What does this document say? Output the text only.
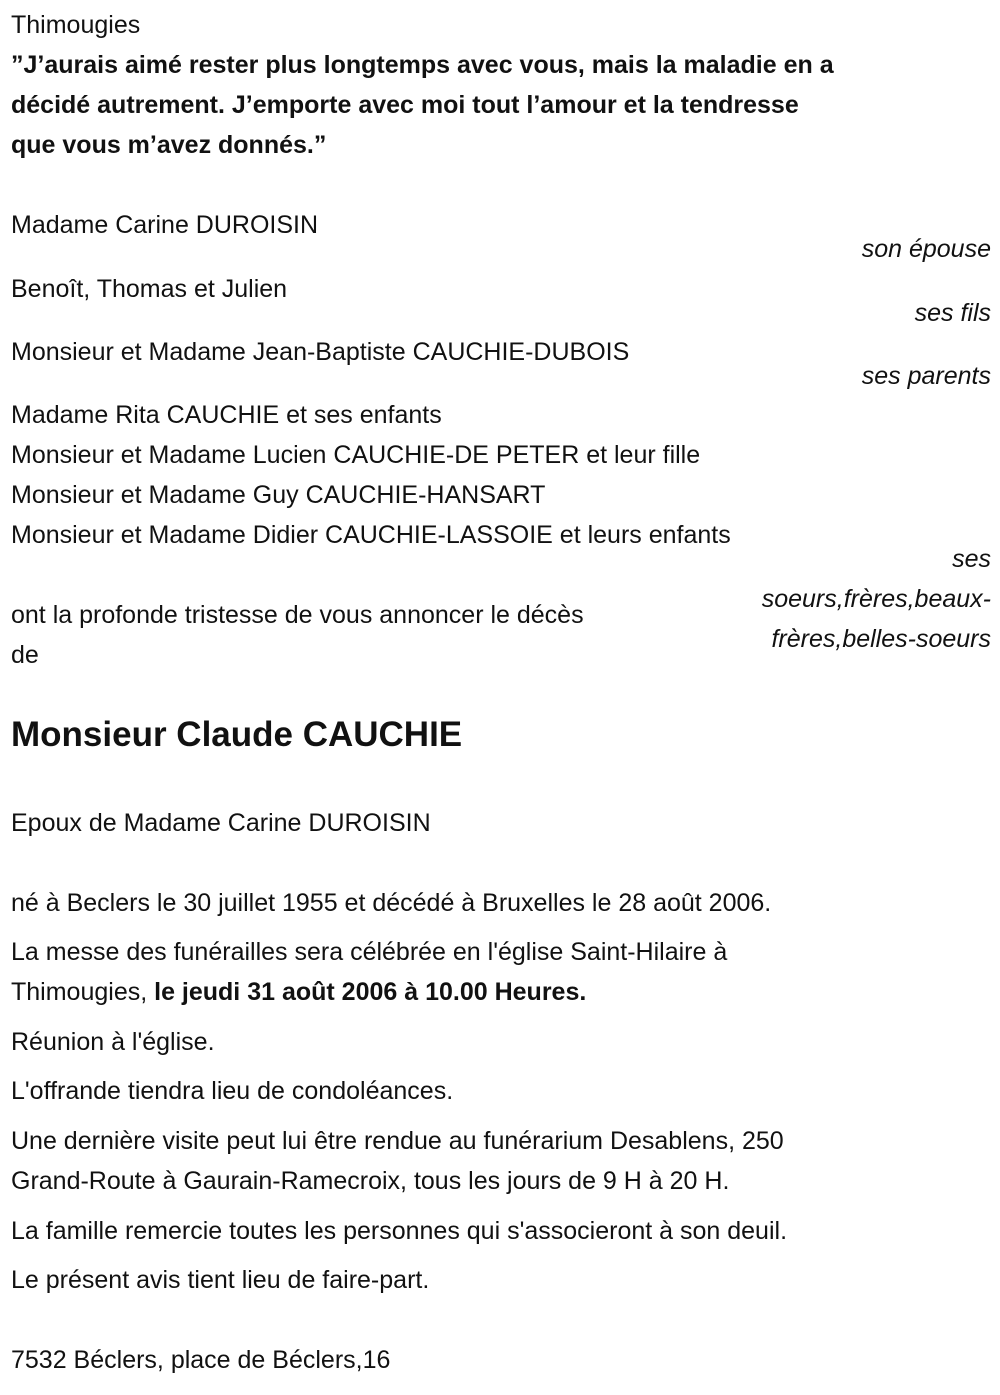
Thimougies
”J’aurais aimé rester plus longtemps avec vous, mais la maladie en a
décidé autrement. J’emporte avec moi tout l’amour et la tendresse
que vous m’avez donnés.”
Madame Carine DUROISIN
son épouse
Benoît, Thomas et Julien
ses fils
Monsieur et Madame Jean-Baptiste CAUCHIE-DUBOIS
ses parents
Madame Rita CAUCHIE et ses enfants
Monsieur et Madame Lucien CAUCHIE-DE PETER et leur fille
Monsieur et Madame Guy CAUCHIE-HANSART
Monsieur et Madame Didier CAUCHIE-LASSOIE et leurs enfants
ses
soeurs,frères,beaux-
frères,belles-soeurs
ont la profonde tristesse de vous annoncer le décès
de
Monsieur Claude CAUCHIE
Epoux de Madame Carine DUROISIN
né à Beclers le 30 juillet 1955 et décédé à Bruxelles le 28 août 2006.
La messe des funérailles sera célébrée en l'église Saint-Hilaire à
Thimougies, le jeudi 31 août 2006 à 10.00 Heures.
Réunion à l'église.
L'offrande tiendra lieu de condoléances.
Une dernière visite peut lui être rendue au funérarium Desablens, 250
Grand-Route à Gaurain-Ramecroix, tous les jours de 9 H à 20 H.
La famille remercie toutes les personnes qui s'associeront à son deuil.
Le présent avis tient lieu de faire-part.
7532 Béclers, place de Béclers,16
